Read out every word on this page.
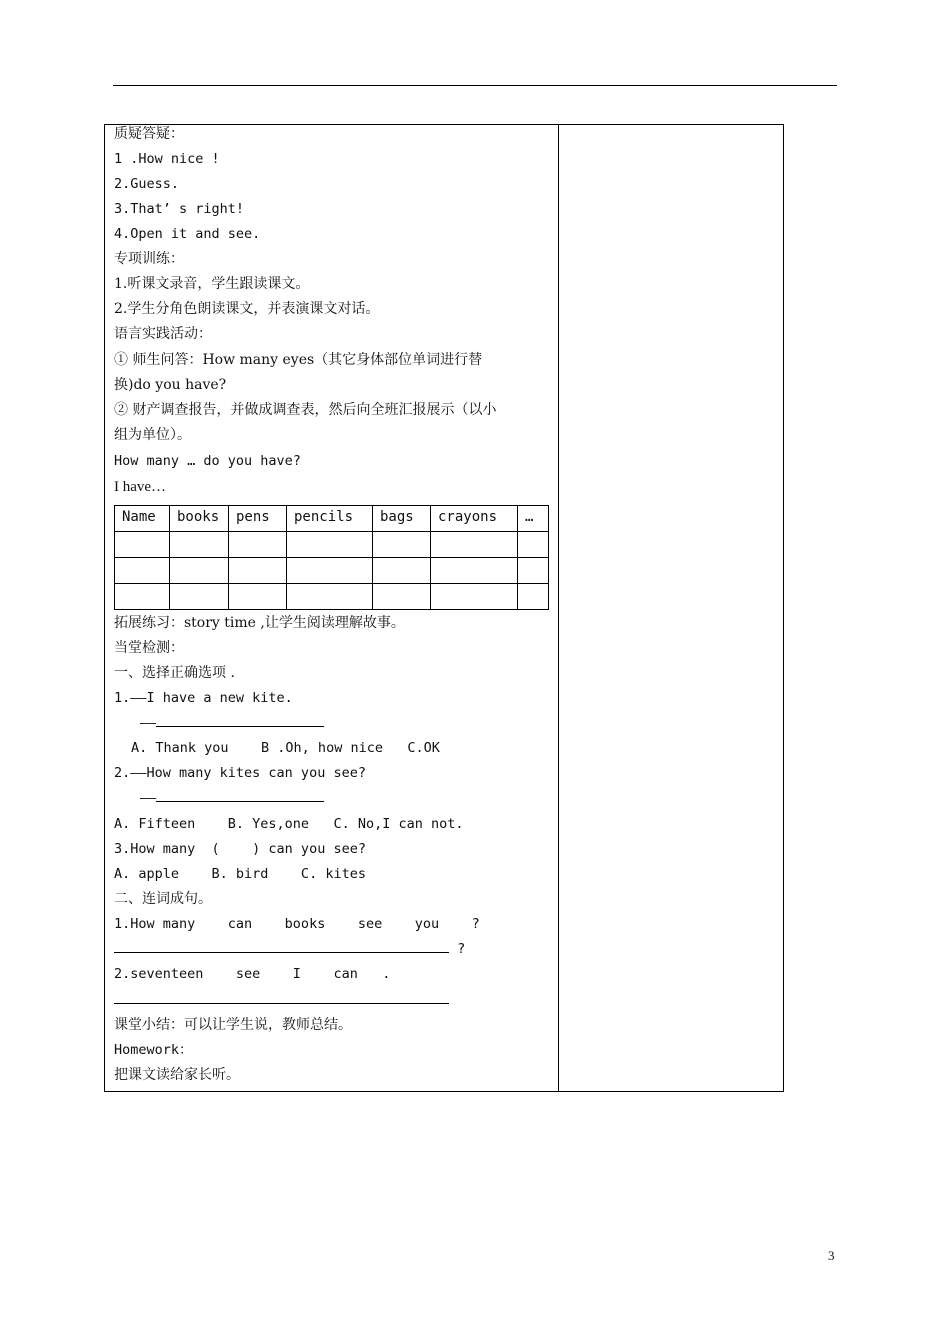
质疑答疑：
1 .How nice !
2.Guess.
3.That’ s right!
4.Open it and see.
专项训练：
1.听课文录音，学生跟读课文。
2.学生分角色朗读课文，并表演课文对话。
语言实践活动：
① 师生问答：How many eyes（其它身体部位单词进行替
换)do you have?
② 财产调查报告，并做成调查表，然后向全班汇报展示（以小
组为单位）。
How many … do you have?
I have…
Name	books	pens	pencils	bags	crayons	…

拓展练习：story time ,让学生阅读理解故事。
当堂检测：
一、选择正确选项 .
1.——I have a new kite.
——
A. Thank you    B .Oh, how nice   C.OK
2.——How many kites can you see?
——
A. Fifteen    B. Yes,one   C. No,I can not.
3.How many  (    ) can you see?
A. apple    B. bird    C. kites
二、连词成句。
1.How many    can    books    see    you    ?
?
2.seventeen    see    I    can   .
课堂小结：可以让学生说，教师总结。
Homework：
把课文读给家长听。
3
